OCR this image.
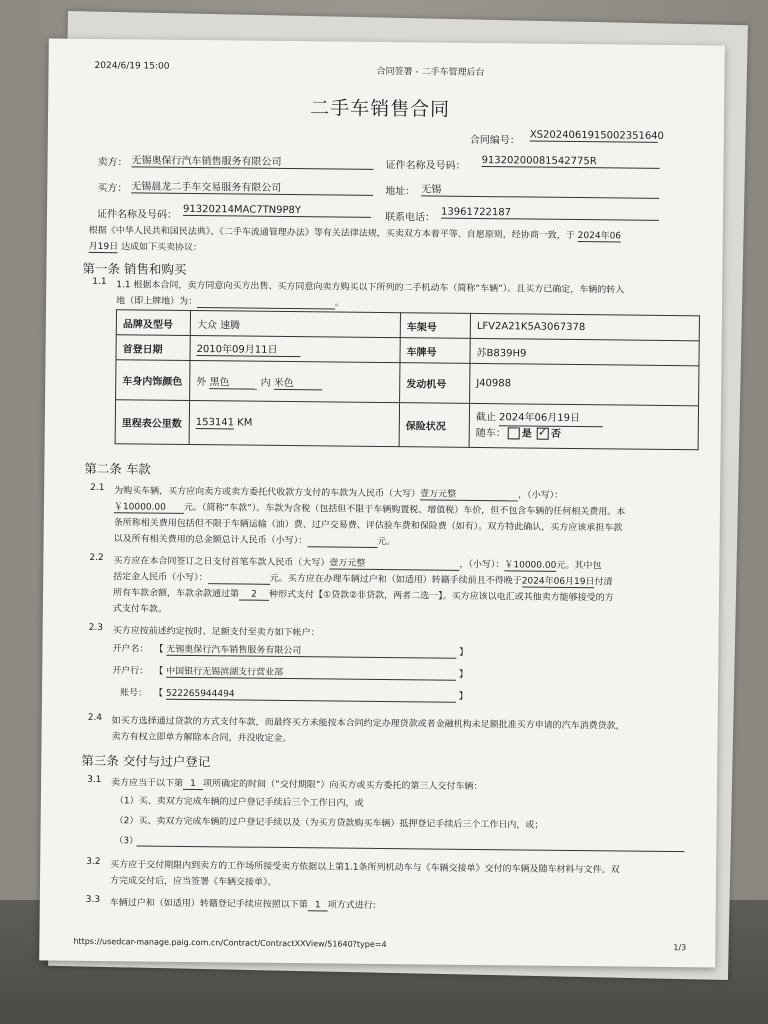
2024/6/19 15:00
合同签署 - 二手车管理后台
二手车销售合同
合同编号： XS2024061915002351640
卖方： 无锡奥保行汽车销售服务有限公司	证件名称及号码： 91320200081542775R
买方： 无锡晨龙二手车交易服务有限公司	地址： 无锡
证件名称及号码： 91320214MAC7TN9P8Y
联系电话： 13961722187
根据《中华人民共和国民法典》、《二手车流通管理办法》等有关法律法规，买卖双方本着平等、自愿原则，经协商一致，于 2024年06
月19日 达成如下买卖协议：
第一条 销售和购买
1.1 1.1 根据本合同，卖方同意向买方出售、买方同意向卖方购买以下所列的二手机动车（简称“车辆”）。且买方已确定，车辆的转入
地（即上牌地）为：	。
品牌及型号	大众 速腾	车架号	LFV2A21K5A3067378
首登日期	2010年09月11日	车牌号	苏B839H9
车身内饰颜色	外 黑色 内 米色	发动机号	J40988
里程表公里数	153141 KM	保险状况	截止 2024年06月19日
随车： 是 ✓ 否
第二条 车款
2.1 为购买车辆，买方应向卖方或卖方委托代收款方支付的车款为人民币（大写）壹万元整	，（小写）：
￥10000.00 元。（简称“车款”）。车款为含税（包括但不限于车辆购置税、增值税）车价，但不包含车辆的任何相关费用。本
条所称相关费用包括但不限于车辆运输（油）费、过户交易费、评估验车费和保险费（如有）。双方特此确认，买方应该承担车款
以及所有相关费用的总金额总计人民币（小写）：	元。
2.2 买方应在本合同签订之日支付首笔车款人民币（大写）壹万元整	，（小写）：￥10000.00元。其中包
括定金人民币（小写）：	元。买方应在办理车辆过户和（如适用）转籍手续前且不得晚于2024年06月19日付清
所有车款余额，车款余款通过第 2 种形式支付【①贷款②非贷款，两者二选一】。买方应该以电汇或其他卖方能够接受的方
式支付车款。
2.3 买方应按前述约定按时、足额支付至卖方如下帐户：
开户名： 【 无锡奥保行汽车销售服务有限公司	】
开户行： 【 中国银行无锡滨湖支行营业部	】
账号： 【 522265944494	】
2.4 如买方选择通过贷款的方式支付车款，而最终买方未能按本合同约定办理贷款或者金融机构未足额批准买方申请的汽车消费贷款，
卖方有权立即单方解除本合同，并没收定金。
第三条 交付与过户登记
3.1 卖方应当于以下第 1 项所确定的时间（“交付期限”）向买方或买方委托的第三人交付车辆：
（1）买、卖双方完成车辆的过户登记手续后三个工作日内，或
（2）买、卖双方完成车辆的过户登记手续以及（为买方贷款购买车辆）抵押登记手续后三个工作日内，或；
（3）
3.2 买方应于交付期限内到卖方的工作场所接受卖方依据以上第1.1条所列机动车与《车辆交接单》交付的车辆及随车材料与文件。双
方完成交付后，应当签署《车辆交接单》。
3.3 车辆过户和（如适用）转籍登记手续应按照以下第 1 项方式进行:
https://usedcar-manage.paig.com.cn/Contract/ContractXXView/51640?type=4	1/3
